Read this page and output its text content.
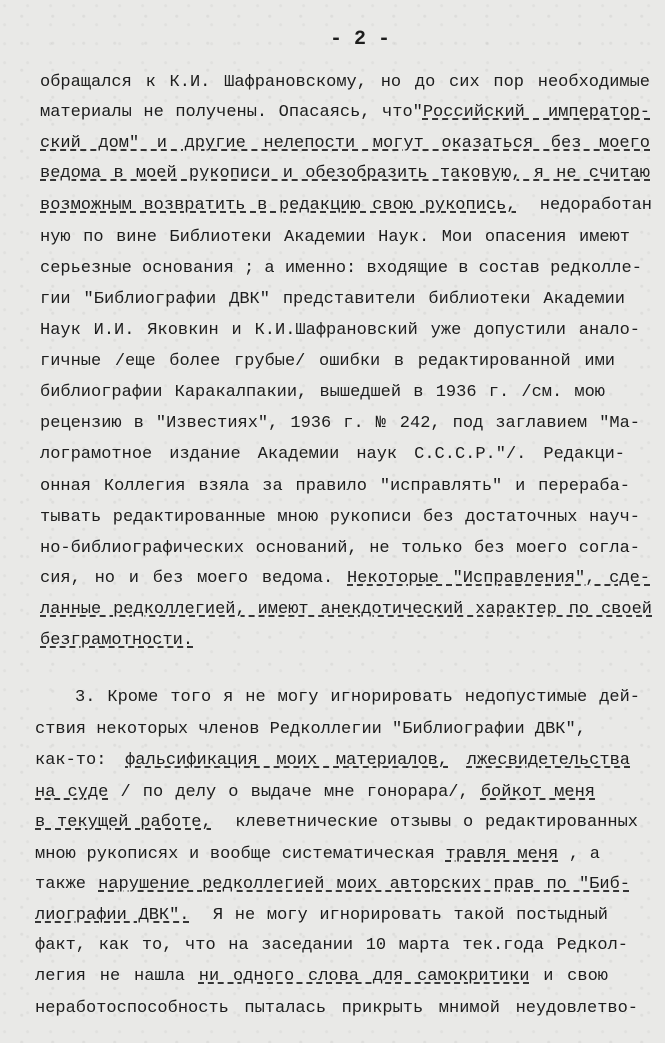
- 2 -
обращался к К.И. Шафрановскому, но до сих пор необходимые
материалы не получены. Опасаясь, что"Российский  император-
ский дом" и другие нелепости могут оказаться без моего
ведома в моей рукописи и обезобразить таковую, я не считаю
возможным возвратить в редакцию свою рукопись,  недоработан
ную по вине Библиотеки Академии Наук. Мои опасения имеют
серьезные основания ; а именно: входящие в состав редколле-
гии "Библиографии ДВК" представители библиотеки Академии
Наук И.И. Яковкин и К.И.Шафрановский уже допустили анало-
гичные /еще более грубые/ ошибки в редактированной ими
библиографии Каракалпакии, вышедшей в 1936 г. /см. мою
рецензию в "Известиях", 1936 г. № 242, под заглавием "Ма-
лограмотное издание Академии наук С.С.С.Р."/. Редакци-
онная Коллегия взяла за правило "исправлять" и перераба-
тывать редактированные мною рукописи без достаточных науч-
но-библиографических оснований, не только без моего согла-
сия, но и без моего ведома. Некоторые "Исправления", сде-
ланные редколлегией, имеют анекдотический характер по своей
безграмотности.
3. Кроме того я не могу игнорировать недопустимые дей-
ствия некоторых членов Редколлегии "Библиографии ДВК",
как-то: фальсификация моих материалов, лжесвидетельства
на суде / по делу о выдаче мне гонорара/, бойкот меня
в текущей работе,  клеветнические отзывы о редактированных
мною рукописях и вообще систематическая травля меня , а
также нарушение редколлегией моих авторских прав по "Биб-
лиографии ДВК".  Я не могу игнорировать такой постыдный
факт, как то, что на заседании 10 марта тек.года Редкол-
легия не нашла ни одного слова для самокритики и свою
неработоспособность пыталась прикрыть мнимой неудовлетво-
